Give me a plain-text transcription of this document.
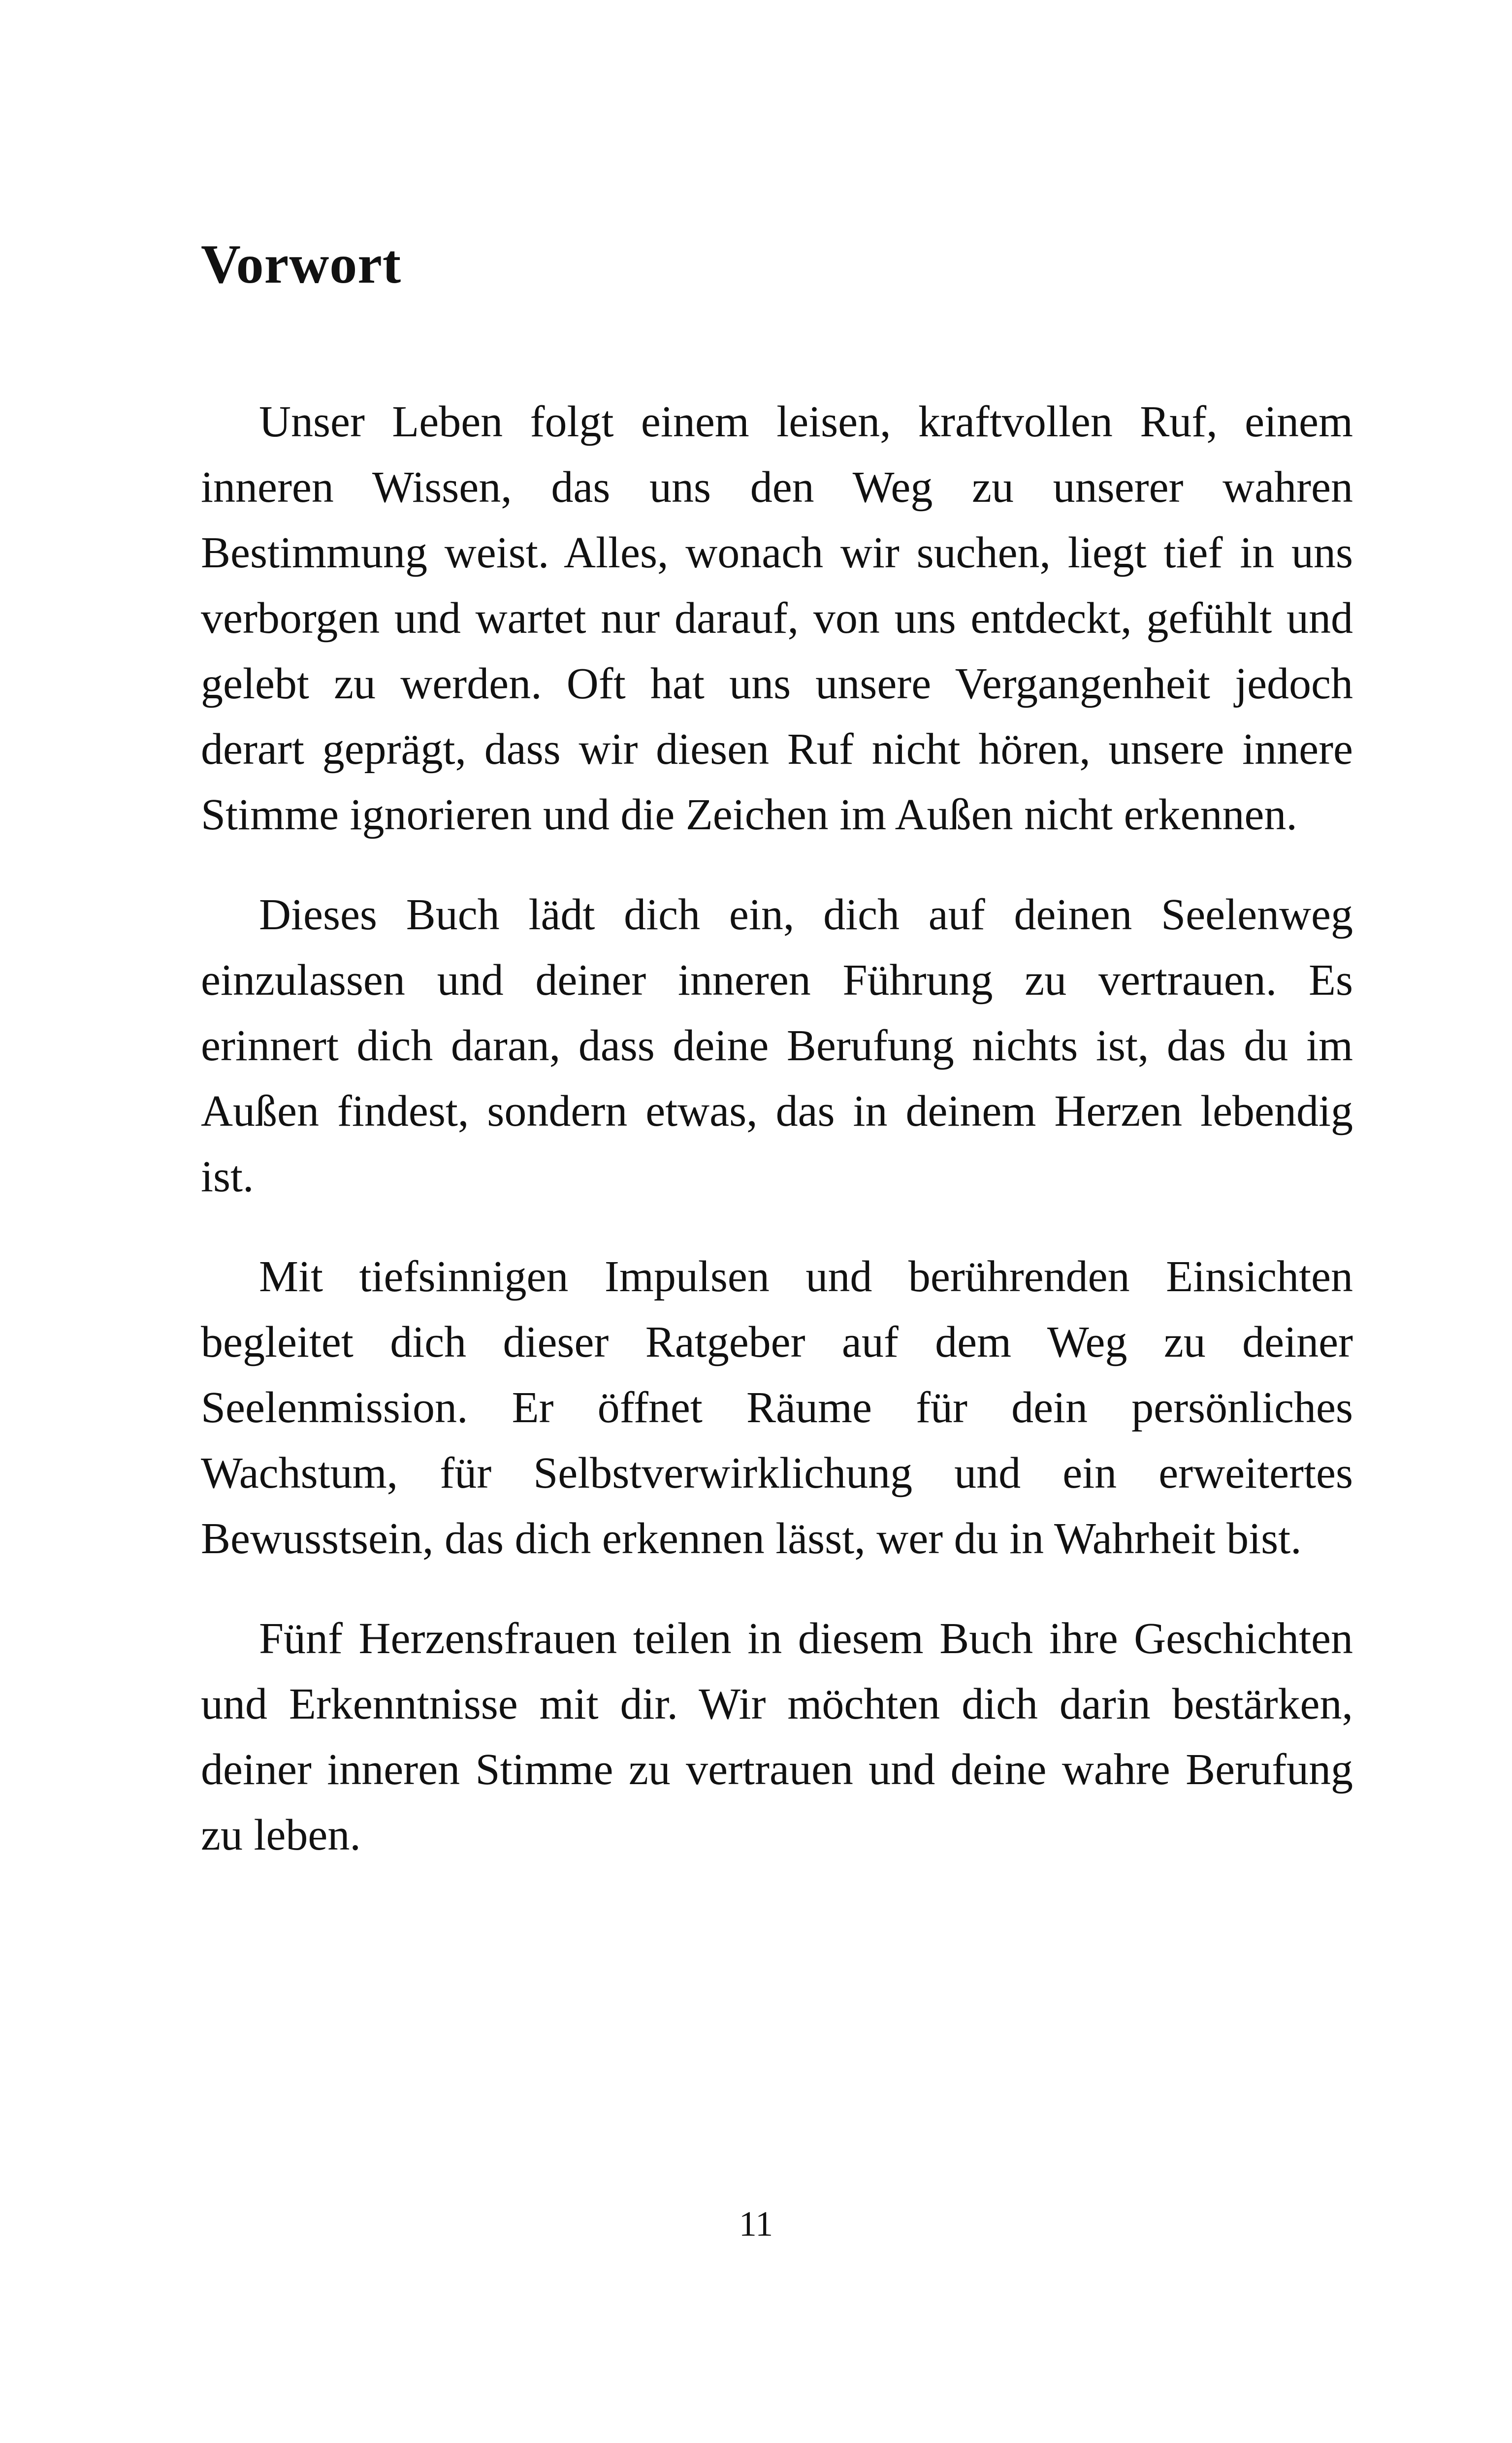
Vorwort

Unser Leben folgt einem leisen, kraftvollen Ruf, einem inneren Wissen, das uns den Weg zu unserer wahren Bestimmung weist. Alles, wonach wir suchen, liegt tief in uns verborgen und wartet nur darauf, von uns entdeckt, gefühlt und gelebt zu werden. Oft hat uns unsere Vergangenheit jedoch derart geprägt, dass wir diesen Ruf nicht hören, unsere innere Stimme ignorieren und die Zeichen im Außen nicht erkennen.

Dieses Buch lädt dich ein, dich auf deinen Seelenweg einzulassen und deiner inneren Führung zu vertrauen. Es erinnert dich daran, dass deine Berufung nichts ist, das du im Außen findest, sondern etwas, das in deinem Herzen lebendig ist.

Mit tiefsinnigen Impulsen und berührenden Einsichten begleitet dich dieser Ratgeber auf dem Weg zu deiner Seelenmission. Er öffnet Räume für dein persönliches Wachstum, für Selbstverwirklichung und ein erweitertes Bewusstsein, das dich erkennen lässt, wer du in Wahrheit bist.

Fünf Herzensfrauen teilen in diesem Buch ihre Geschichten und Erkenntnisse mit dir. Wir möchten dich darin bestärken, deiner inneren Stimme zu vertrauen und deine wahre Berufung zu leben.

11
